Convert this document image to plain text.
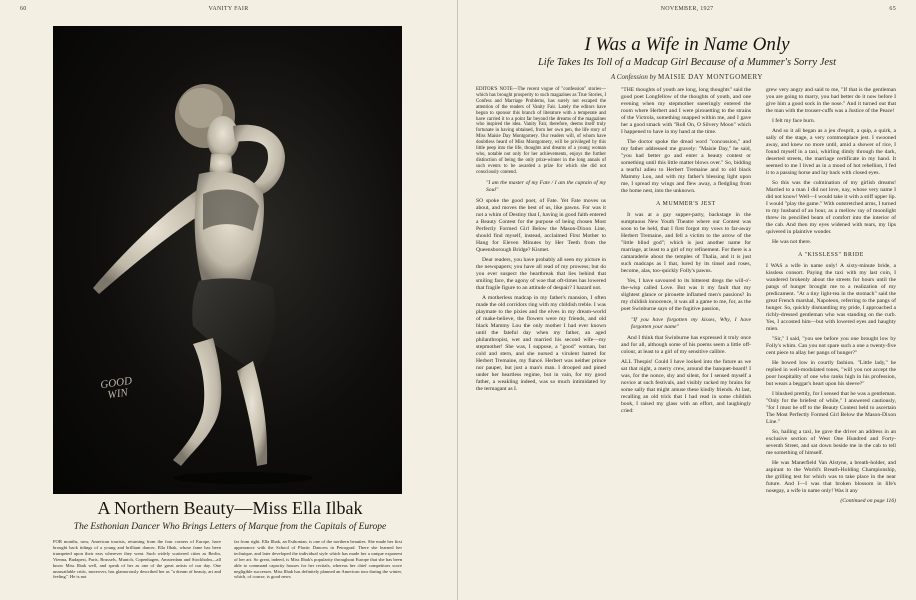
60	VANITY FAIR
GOOD WIN
A Northern Beauty—Miss Ella Ilbak
The Esthonian Dancer Who Brings Letters of Marque from the Capitals of Europe
FOR months, now, American tourists, returning from the four corners of Europe, have brought back tidings of a young and brilliant dancer, Ella Ilbak, whose fame has been trumpeted upon their ears wherever they went. Such widely scattered cities as Berlin, Vienna, Budapest, Paris, Brussels, Munich, Copenhagen, Amsterdam and Stockholm—all know Miss Ilbak well, and speak of her as one of the great artists of our day. One unassailable critic, moreover, has glamorously described her as "a dream of beauty, art and feeling". He is not
far from right. Ella Ilbak, an Esthonian, is one of the northern beauties. She made her first appearance with the School of Plastic Dancers in Petrograd. There she learned her technique, and later developed the individual style which has made her a unique exponent of her art. So great, indeed, is Miss Ilbak's popularity throughout Europe that she has been able to command capacity houses for her recitals, whereas her chief competitors score negligible successes. Miss Ilbak has definitely planned an American tour during the winter, which, of course, is good news
NOVEMBER, 1927	65
I Was a Wife in Name Only
Life Takes Its Toll of a Madcap Girl Because of a Mummer's Sorry Jest
A Confession by MAISIE DAY MONTGOMERY

EDITOR'S NOTE—The recent vogue of "confession" stories—which has brought prosperity to such magazines as True Stories, I Confess and Marriage Problems, has surely not escaped the attention of the readers of Vanity Fair. Lately the editors have begun to sponsor this branch of literature with a temperate and have carried it to a point far beyond the dreams of the magazines who inspired the idea. Vanity Fair, therefore, deems itself truly fortunate in having obtained, from her own pen, the life story of Miss Maisie Day Montgomery. Our readers will, of whom have doubtless heard of Miss Montgomery, will be privileged by this little peep into the life, thoughts and dreams of a young woman who, notable not only for her achievements, enjoys the further distinction of being the only prize-winner in the long annals of such events to be awarded a prize for which she did not consciously contend.

"I am the master of my Fate / I am the captain of my Soul"

SO spoke the good poet, of Fate. Yet Fate moves us about, and moves the best of us, like pawns. For was it not a whim of Destiny that I, having in good faith entered a Beauty Contest for the purpose of being chosen Most Perfectly Formed Girl Below the Mason-Dixon Line, should find myself, instead, acclaimed First Mother to Hang for Eleven Minutes by Her Teeth from the Queensborough Bridge? Kismet.

Dear readers, you have probably all seen my picture in the newspapers; you have all read of my prowess; but do you ever suspect the heartbreak that lies behind that smiling face, the agony of woe that oft-times has lowered that fragile figure to an attitude of despair? I hazard not.

A motherless madcap in my father's mansion, I often made the old corridors ring with my childish treble. I was playmate to the pixies and the elves in my dream-world of make-believe, the flowers were my friends, and old black Mammy Lou the only mother I had ever known until the fateful day when my father, an aged philanthropist, wet and married his second wife—my stepmother! She was, I suppose, a "good" woman, but cold and stern, and she nursed a virulent hatred for Herbert Tremaine, my fiancé. Herbert was neither prince nor pauper, but just a man's man. I drooped and pined under her heartless regime, but in vain, for my good father, a weakling indeed, was so much intimidated by the termagant as I.

"THE thoughts of youth are long, long thoughts" said the good poet Longfellow of the thoughts of youth, and one evening when my stepmother sneeringly entered the room where Herbert and I were pirouetting to the strains of the Victrola, something snapped within me, and I gave her a good smack with "Roll On, O Silvery Moon" which I happened to have in my hand at the time.

The doctor spoke the dread word "concussion," and my father addressed me gravely: "Maisie Day," he said, "you had better go and enter a beauty contest or something until this little matter blows over." So, bidding a tearful adieu to Herbert Tremaine and to old black Mammy Lou, and with my father's blessing light upon me, I spread my wings and flew away, a fledgling from the home nest, into the unknown.

A MUMMER'S JEST

It was at a gay supper-party, backstage in the sumptuous New Youth Theatre where our Contest was soon to be held, that I first forgot my vows to far-away Herbert Tremaine, and fell a victim to the arrow of the "little blind god"; which is just another name for marriage, at least to a girl of my refinement. For there is a camaraderie about the temples of Thalia, and it is just such madcaps as I that, lured by its tinsel and roses, become, alas, too-quickly Folly's pawns.

Yes, I have savoured to its bitterest dregs the will-o'-the-wisp called Love. But was it my fault that my slightest glance or pirouette inflamed men's passions? In my childish innocence, it was all a game to me, for, as the poet Swinburne says of the fugitive passion,

"If you have forgotten my kisses, Why, I have forgotten your name"

And I think that Swinburne has expressed it truly once and for all, although some of his poems seem a little off-colour, at least to a girl of my sensitive calibre.

ALL Thespis! Could I have looked into the future as we sat that night, a merry crew, around the banquet-board! I was, for the nonce, shy and silent, for I sensed myself a novice at such festivals, and visibly racked my brains for some sally that might amuse these kindly friends. At last, recalling an old trick that I had read in some childish book, I raised my glass with an effort, and laughingly cried:

grew very angry and said to me, "If that is the gentleman you are going to marry, you had better do it now before I give him a good sock in the nose." And it turned out that the man with the trouser-cuffs was a Justice of the Peace!

I felt my face burn.

And so it all began as a jeu d'esprit, a quip, a quirk, a sally of the stage, a very commonplace jest. I swooned away, and knew no more until, amid a shower of rice, I found myself in a taxi, whirling dimly through the dark, deserted streets, the marriage certificate in my hand. It seemed to me I lived as in a mood of hot rebellion, I fed it to a passing horse and lay back with closed eyes.

So this was the culmination of my girlish dreams! Married to a man I did not love, nay, whose very name I did not know! Well—I would take it with a stiff upper lip. I would "play the game." With outstretched arms, I turned to my husband of an hour, as a mellow ray of moonlight threw its pencilled beam of comfort into the interior of the cab. And then my eyes widened with tears, my lips quivered in plaintive wonder.

He was not there.

A "KISSLESS" BRIDE

I WAS a wife in name only! A sixty-minute bride, a kissless consort. Paying the taxi with my last coin, I wandered brokenly about the streets for hours until the pangs of hunger brought me to a realization of my predicament. "At a tiny light-tea in the stomach" said the great French marshal, Napoleon, referring to the pangs of hunger. So, quickly dismantling my pride, I approached a richly-dressed gentleman who was standing on the curb. Yes, I accosted him—but with lowered eyes and haughty mien.

"Sir," I said, "you see before you one brought low by Folly's whim. Can you not spare such a one a twenty-five cent piece to allay her pangs of hunger?"

He bowed low in courtly fashion. "Little lady," he replied in well-modulated tones, "will you not accept the poor hospitality of one who ranks high in his profession, but wears a beggar's heart upon his sleeve?"

I blushed prettily, for I sensed that he was a gentleman. "Only for the briefest of while," I answered cautiously, "for I must be off to the Beauty Contest held to ascertain The Most Perfectly Formed Girl Below the Mason-Dixon Line."

So, hailing a taxi, he gave the driver an address in an exclusive section of West One Hundred and Forty-seventh Street, and sat down beside me in the cab to tell me something of himself.

He was Manerfield Van Alstyne, a breath-holder, and aspirant to the World's Breath-Holding Championship, the grilling test for which was to take place in the near future. And I—I was that broken blossom in life's nosegay, a wife in name only! Was it any

(Continued on page 116)
